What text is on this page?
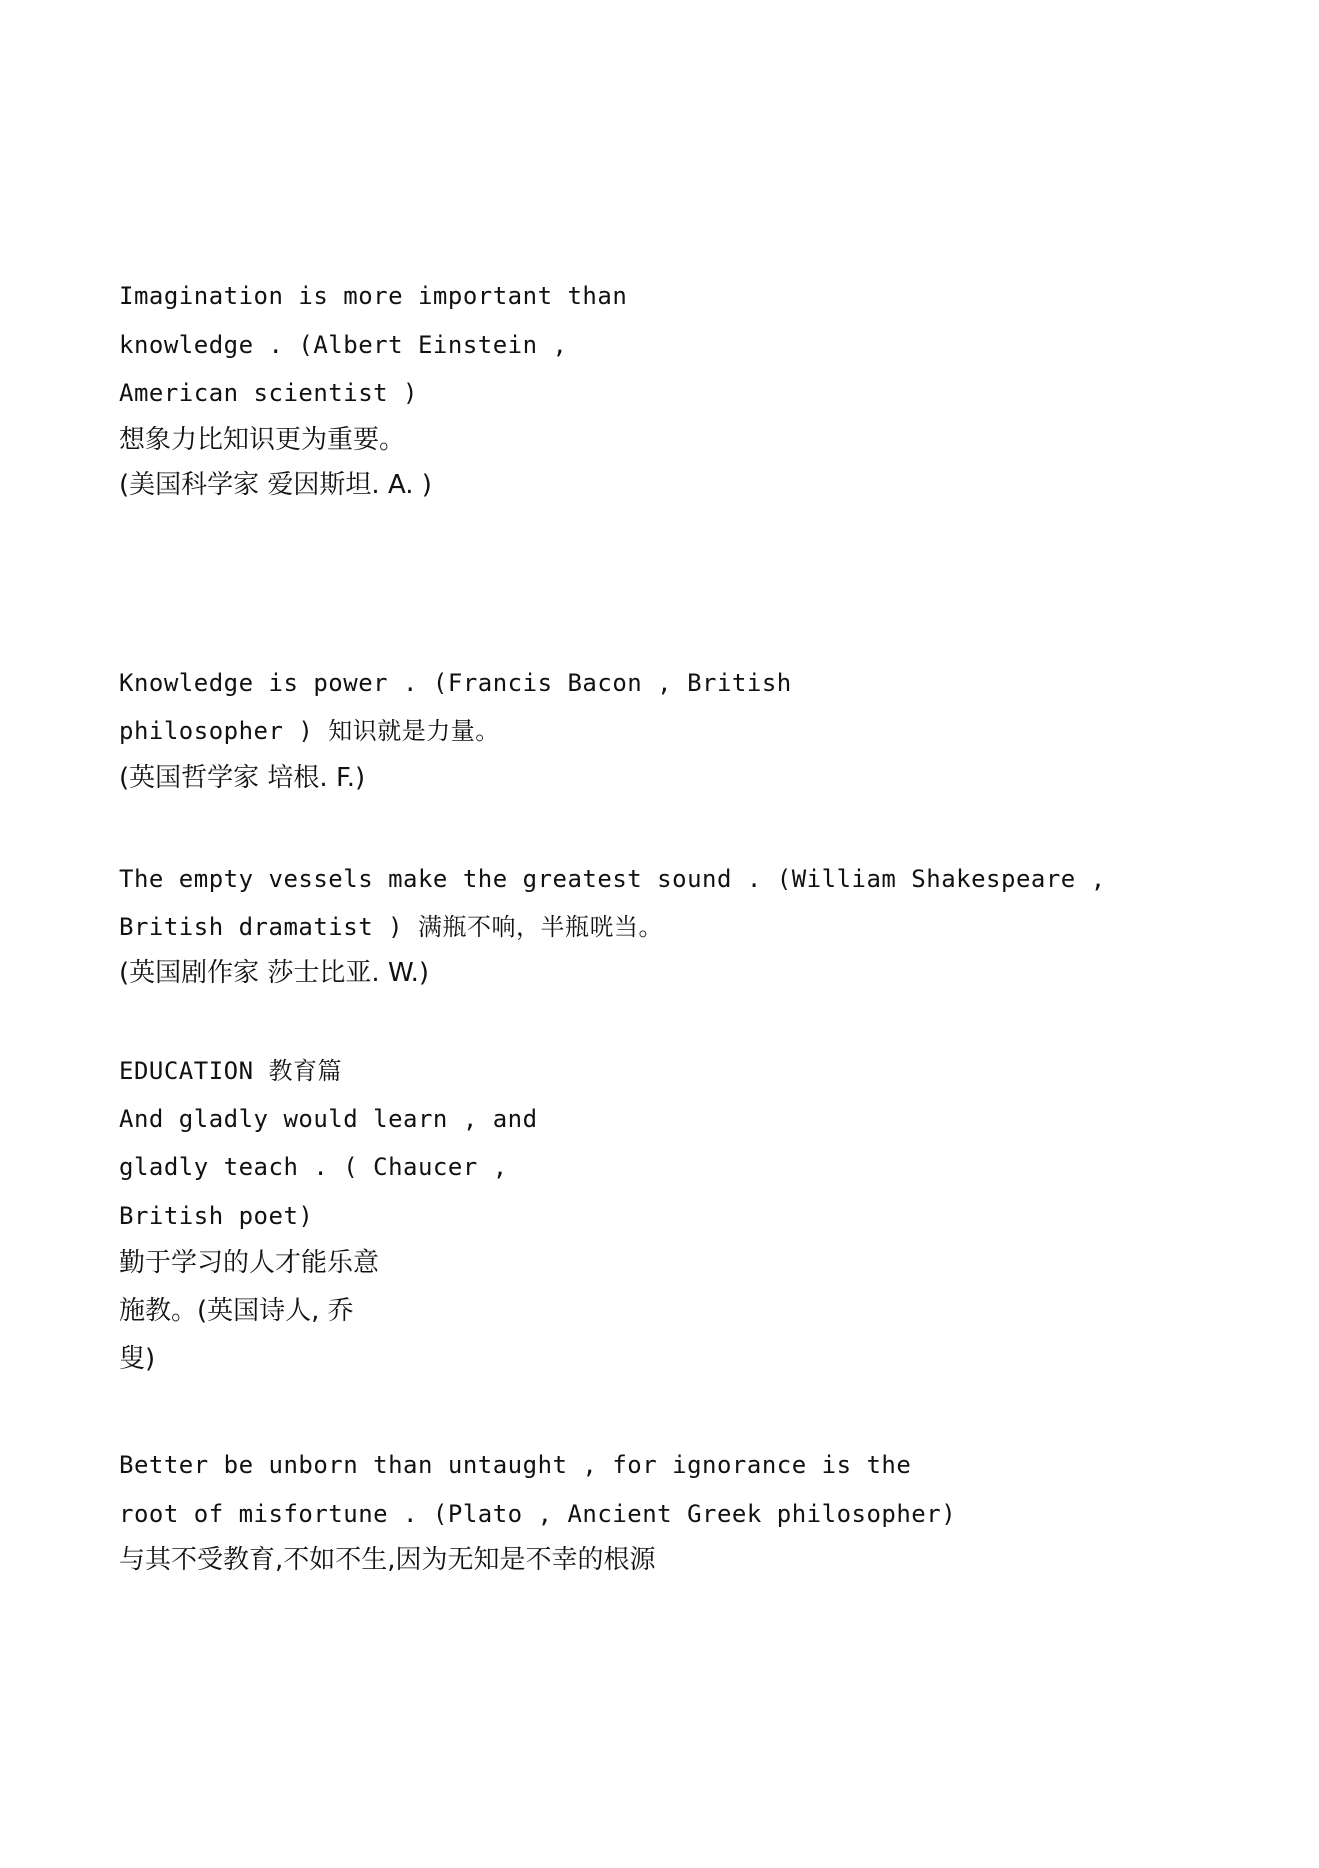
Imagination is more important than
knowledge . (Albert Einstein ,
American scientist )
想象力比知识更为重要。
(美国科学家 爱因斯坦. A. )
Knowledge is power . (Francis Bacon , British
philosopher ) 知识就是力量。
(英国哲学家 培根. F.)
The empty vessels make the greatest sound . (William Shakespeare ,
British dramatist ) 满瓶不响，半瓶咣当。
(英国剧作家 莎士比亚. W.)
EDUCATION 教育篇
And gladly would learn , and
gladly teach . ( Chaucer ,
British poet)
勤于学习的人才能乐意
施教。(英国诗人, 乔
叟)
Better be unborn than untaught , for ignorance is the
root of misfortune . (Plato , Ancient Greek philosopher)
与其不受教育,不如不生,因为无知是不幸的根源
